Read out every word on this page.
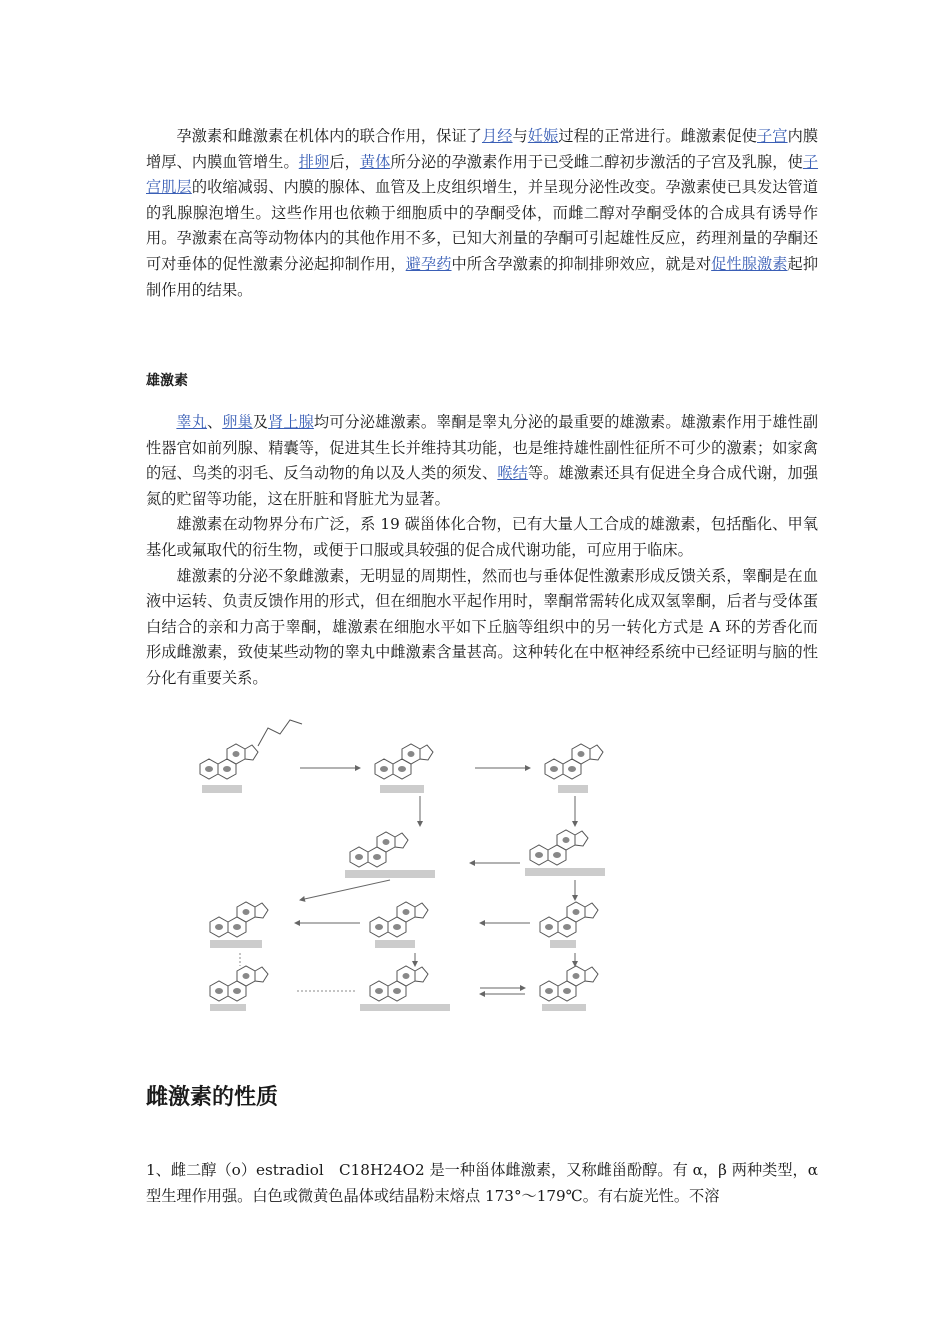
孕激素和雌激素在机体内的联合作用，保证了月经与妊娠过程的正常进行。雌激素促使子宫内膜增厚、内膜血管增生。排卵后，黄体所分泌的孕激素作用于已受雌二醇初步激活的子宫及乳腺，使子宫肌层的收缩减弱、内膜的腺体、血管及上皮组织增生，并呈现分泌性改变。孕激素使已具发达管道的乳腺腺泡增生。这些作用也依赖于细胞质中的孕酮受体，而雌二醇对孕酮受体的合成具有诱导作用。孕激素在高等动物体内的其他作用不多，已知大剂量的孕酮可引起雄性反应，药理剂量的孕酮还可对垂体的促性激素分泌起抑制作用，避孕药中所含孕激素的抑制排卵效应，就是对促性腺激素起抑制作用的结果。

雄激素

睾丸、卵巢及肾上腺均可分泌雄激素。睾酮是睾丸分泌的最重要的雄激素。雄激素作用于雄性副性器官如前列腺、精囊等，促进其生长并维持其功能，也是维持雄性副性征所不可少的激素；如家禽的冠、鸟类的羽毛、反刍动物的角以及人类的须发、喉结等。雄激素还具有促进全身合成代谢，加强氮的贮留等功能，这在肝脏和肾脏尤为显著。

雄激素在动物界分布广泛，系 19 碳甾体化合物，已有大量人工合成的雄激素，包括酯化、甲氧基化或氟取代的衍生物，或便于口服或具较强的促合成代谢功能，可应用于临床。

雄激素的分泌不象雌激素，无明显的周期性，然而也与垂体促性激素形成反馈关系，睾酮是在血液中运转、负责反馈作用的形式，但在细胞水平起作用时，睾酮常需转化成双氢睾酮，后者与受体蛋白结合的亲和力高于睾酮，雄激素在细胞水平如下丘脑等组织中的另一转化方式是 A 环的芳香化而形成雌激素，致使某些动物的睾丸中雌激素含量甚高。这种转化在中枢神经系统中已经证明与脑的性分化有重要关系。

雌激素的性质

1、雌二醇（o）estradiol　C18H24O2 是一种甾体雌激素，又称雌甾酚醇。有 α，β 两种类型，α 型生理作用强。白色或微黄色晶体或结晶粉末熔点 173°～179℃。有右旋光性。不溶
